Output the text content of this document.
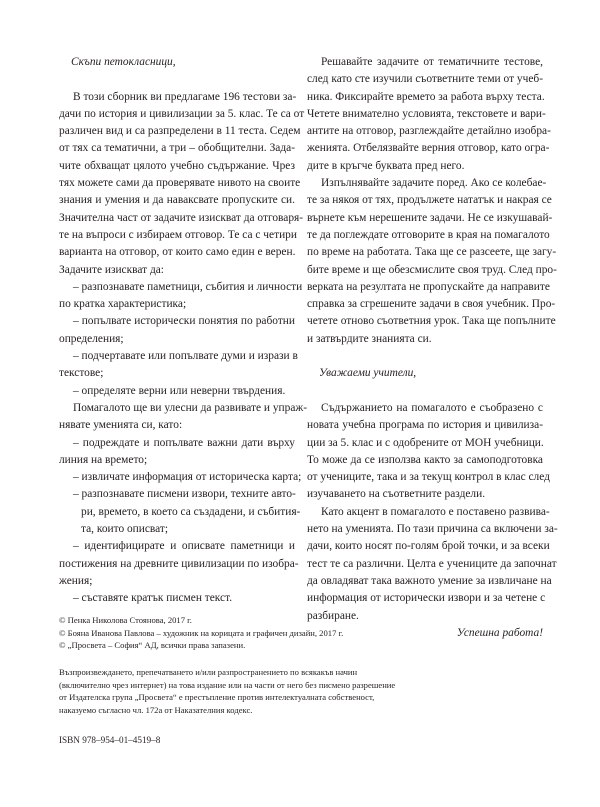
Скъпи петокласници,
В този сборник ви предлагаме 196 тестови за-
дачи по история и цивилизации за 5. клас. Те са от
различен вид и са разпределени в 11 теста. Седем
от тях са тематични, а три – обобщителни. Зада-
чите обхващат цялото учебно съдържание. Чрез
тях можете сами да проверявате нивото на своите
знания и умения и да наваксвате пропуските си.
Значителна част от задачите изискват да отговаря-
те на въпроси с избираем отговор. Те са с четири
варианта на отговор, от които само един е верен.
Задачите изискват да:
– разпознавате паметници, събития и личности
по кратка характеристика;
– попълвате исторически понятия по работни
определения;
– подчертавате или попълвате думи и изрази в
текстове;
– определяте верни или неверни твърдения.
Помагалото ще ви улесни да развивате и упраж-
нявате уменията си, като:
– подреждате и попълвате важни дати върху
линия на времето;
– извличате информация от историческа карта;
– разпознавате писмени извори, техните авто-
ри, времето, в което са създадени, и събития-
та, които описват;
– идентифицирате и описвате паметници и
постижения на древните цивилизации по изобра-
жения;
– съставяте кратък писмен текст.
Решавайте задачите от тематичните тестове,
след като сте изучили съответните теми от учеб-
ника. Фиксирайте времето за работа върху теста.
Четете внимателно условията, текстовете и вари-
антите на отговор, разглеждайте детайлно изобра-
женията. Отбелязвайте верния отговор, като огра-
дите в кръгче буквата пред него.
Изпълнявайте задачите поред. Ако се колебае-
те за някоя от тях, продължете нататък и накрая се
върнете към нерешените задачи. Не се изкушавай-
те да поглеждате отговорите в края на помагалото
по време на работата. Така ще се разсеете, ще загу-
бите време и ще обезсмислите своя труд. След про-
верката на резултата не пропускайте да направите
справка за сгрешените задачи в своя учебник. Про-
четете отново съответния урок. Така ще попълните
и затвърдите знанията си.
Уважаеми учители,
Съдържанието на помагалото е съобразено с
новата учебна програма по история и цивилиза-
ции за 5. клас и с одобрените от МОН учебници.
То може да се използва както за самоподготовка
от учениците, така и за текущ контрол в клас след
изучаването на съответните раздели.
Като акцент в помагалото е поставено развива-
нето на уменията. По тази причина са включени за-
дачи, които носят по-голям брой точки, и за всеки
тест те са различни. Целта е учениците да започнат
да овладяват така важното умение за извличане на
информация от исторически извори и за четене с
разбиране.
Успешна работа!
© Пенка Николова Стоянова, 2017 г.
© Бояна Иванова Павлова – художник на корицата и графичен дизайн, 2017 г.
© „Просвета – София“ АД, всички права запазени.
Възпроизвеждането, препечатването и/или разпространението по всякакъв начин
(включително чрез интернет) на това издание или на части от него без писмено разрешение
от Издателска група „Просвета“ е престъпление против интелектуалната собственост,
наказуемо съгласно чл. 172а от Наказателния кодекс.
ISBN 978–954–01–4519–8
